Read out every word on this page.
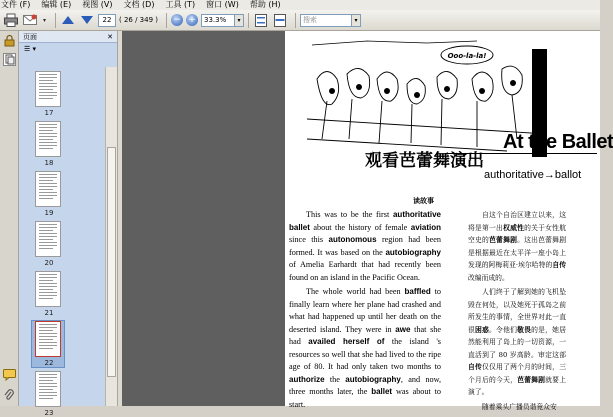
文件 (F) 编辑 (E) 视图 (V) 文档 (D) 工具 (T) 窗口 (W) 帮助 (H)
▾	22	( 26 / 349 ) − +	33.3%	▾	搜索	▾
页面	✕
☰ ▾
17
18
19
20
21
22
23
Ooo-la-la!
At the Ballet
观看芭蕾舞演出
authoritative→ballot
读故事

This was to be the first authoritative ballet about the history of female aviation since this autonomous region had been formed. It was based on the autobiography of Amelia Earhardt that had recently been found on an island in the Pacific Ocean.

The whole world had been baffled to finally learn where her plane had crashed and what had happened up until her death on the deserted island. They were in awe that she had availed herself of the island 's resources so well that she had lived to the ripe age of 80. It had only taken two months to authorize the autobiography, and now, three months later, the ballet was about to start.

自这个自治区建立以来，这将是第一出权威性的关于女性航空史的芭蕾舞剧。这出芭蕾舞剧是根据最近在太平洋一座小岛上发现的阿梅莉亚·埃尔哈特的自传改编而成的。

人们终于了解到她的飞机坠毁在何处，以及她死于孤岛之前所发生的事情，全世界对此一直很困惑。令他们敬畏的是，她居然能利用了岛上的一切资源，一直活到了 80 岁高龄。审定这部自传仅仅用了两个月的时间，三个月后的今天，芭蕾舞剧就要上演了。

随着乘头广播员谐竟众安
